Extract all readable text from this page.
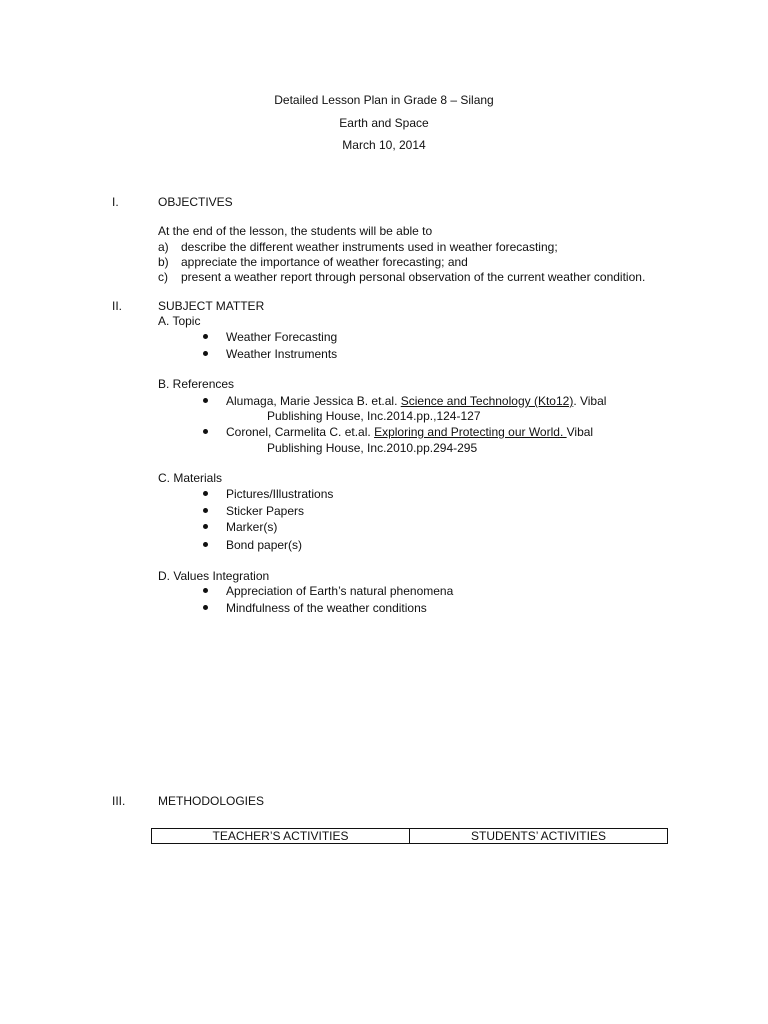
Detailed Lesson Plan in Grade 8 – Silang
Earth and Space
March 10, 2014
I.	OBJECTIVES
At the end of the lesson, the students will be able to
a) describe the different weather instruments used in weather forecasting;
b) appreciate the importance of weather forecasting; and
c) present a weather report through personal observation of the current weather condition.
II.	SUBJECT MATTER
A. Topic
Weather Forecasting
Weather Instruments
B. References
Alumaga, Marie Jessica B. et.al. Science and Technology (Kto12). Vibal
Publishing House, Inc.2014.pp.,124-127
Coronel, Carmelita C. et.al. Exploring and Protecting our World. Vibal
Publishing House, Inc.2010.pp.294-295
C. Materials
Pictures/Illustrations
Sticker Papers
Marker(s)
Bond paper(s)
D. Values Integration
Appreciation of Earth’s natural phenomena
Mindfulness of the weather conditions
III.	METHODOLOGIES
TEACHER’S ACTIVITIES	STUDENTS’ ACTIVITIES
